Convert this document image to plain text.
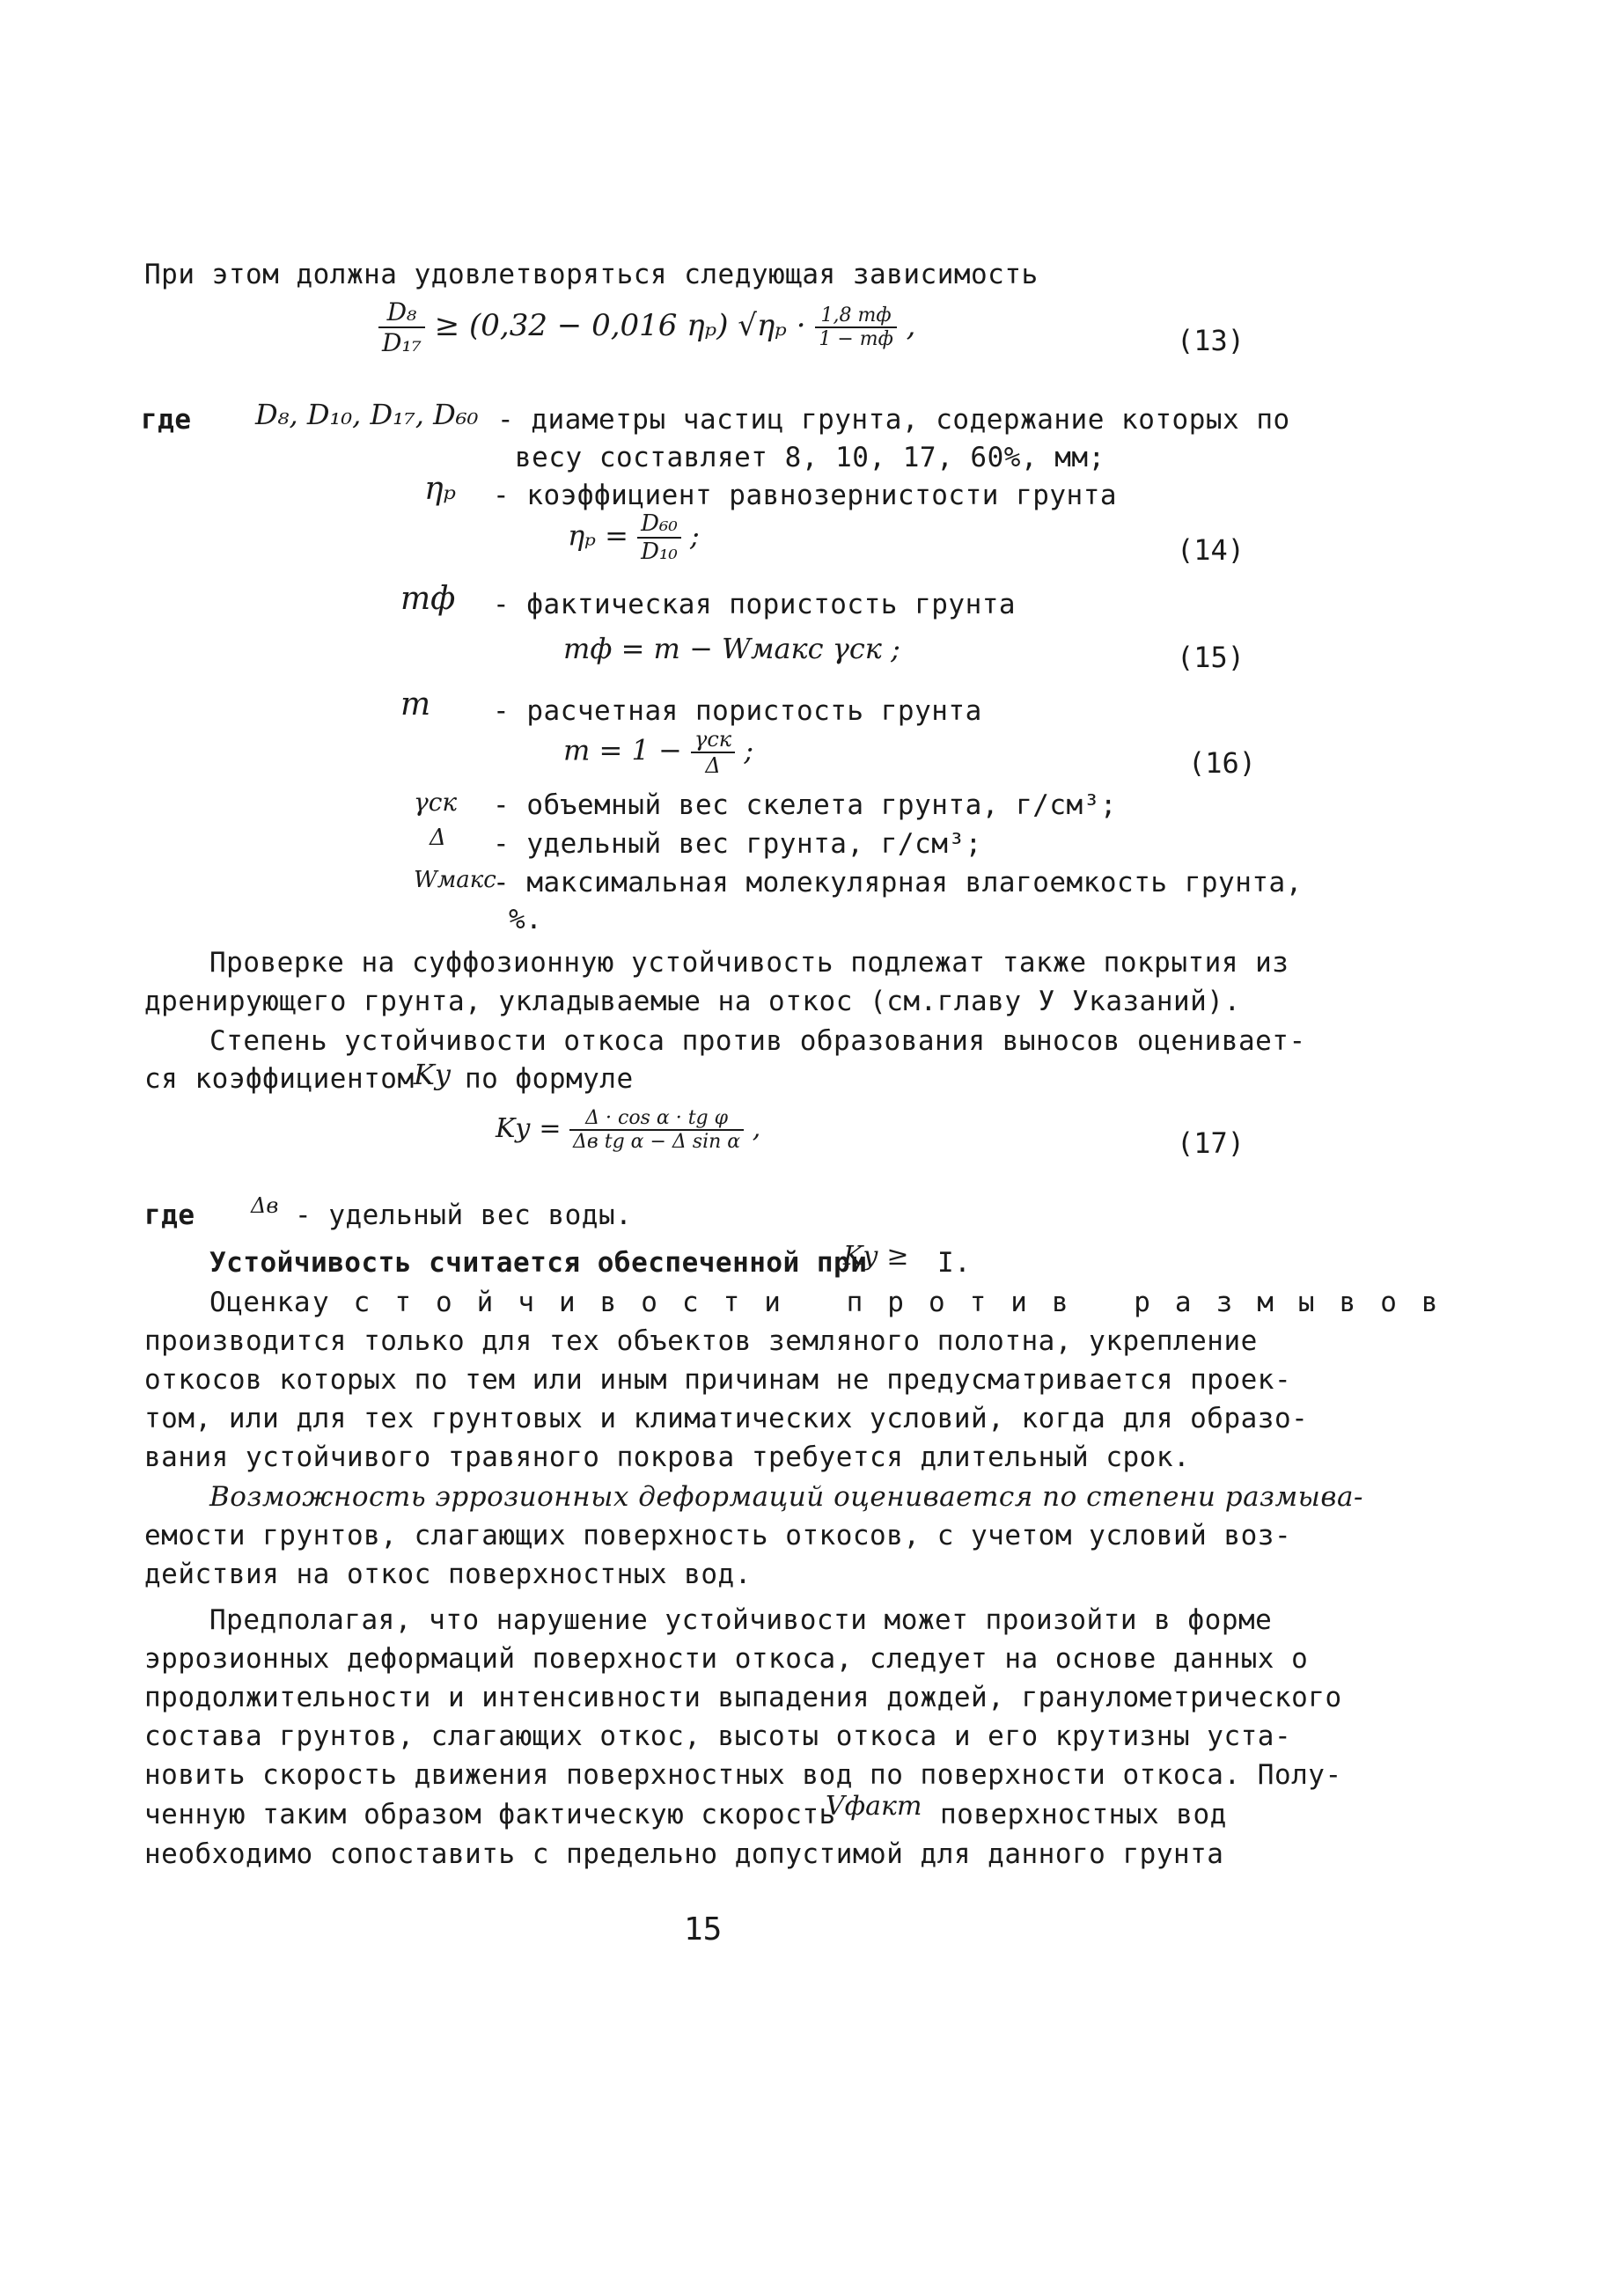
При этом должна удовлетворятьcя следующая зависимость
$\frac{\text{D₈}}{\text{D₁₇}} \ge (0,32 - 0,016$ ηₚ) $√\eta_p \cdot \frac{1,8 mф}{1 - mф}$ ,	(13)
где D₈, D₁₀, D₁₇, D₆₀ - диаметры частиц грунта, содержание которых по
весу составляет 8, 10, 17, 60%, мм;
ηₚ - коэффициент равнозернистости грунта
$\eta_p = \frac{\text{D₆₀}}{\text{D₁₀}}$ ;	(14)
mф - фактическая пористость грунта
mф = m − Wмакс γск ;	(15)
m - расчетная пористость грунта
$m = 1 - \frac{\text{γск}}{\Delta}$ ;	(16)
γск - объемный вес скелета грунта, г/см³;
Δ - удельный вес грунта, г/см³;
Wмакс
- максимальная молекулярная влагоемкость грунта,
%.
Проверке на суффозионную устойчивость подлежат также покрытия из
дренирующего грунта, укладываемые на откос (см.главу У Указаний).
Степень устойчивости откоса против образования выносов оценивает-
ся коэффициентом Kу по формуле
Kу = $\frac{\text{Δ · cos α · tg φ}}{\text{Δв tg α − Δ sin α}}$ ,	(17)
где	Δв - удельный вес воды.
Устойчивость считается обеспеченной при
Kу ≥ I.
Оценка устойчивости против размывов
производится только для тех объектов земляного полотна, укрепление
откосов которых по тем или иным причинам не предусматривается проек-
том, или для тех грунтовых и климатических условий, когда для образо-
вания устойчивого травяного покрова требуется длительный срок.
Возможность эррозионных деформаций оценивается по степени размыва-
емости грунтов, слагающих поверхность откосов, с учетом условий воз-
действия на откос поверхностных вод.
Предполагая, что нарушение устойчивости может произойти в форме
эррозионных деформаций поверхности откоса, следует на основе данных о
продолжительности и интенсивности выпадения дождей, гранулометрического
состава грунтов, слагающих откос, высоты откоса и его крутизны уста-
новить скорость движения поверхностных вод по поверхности откоса. Полу-
ченную таким образом фактическую скорость
Vфакт поверхностных вод
необходимо сопоставить с предельно допустимой для данного грунта
15
